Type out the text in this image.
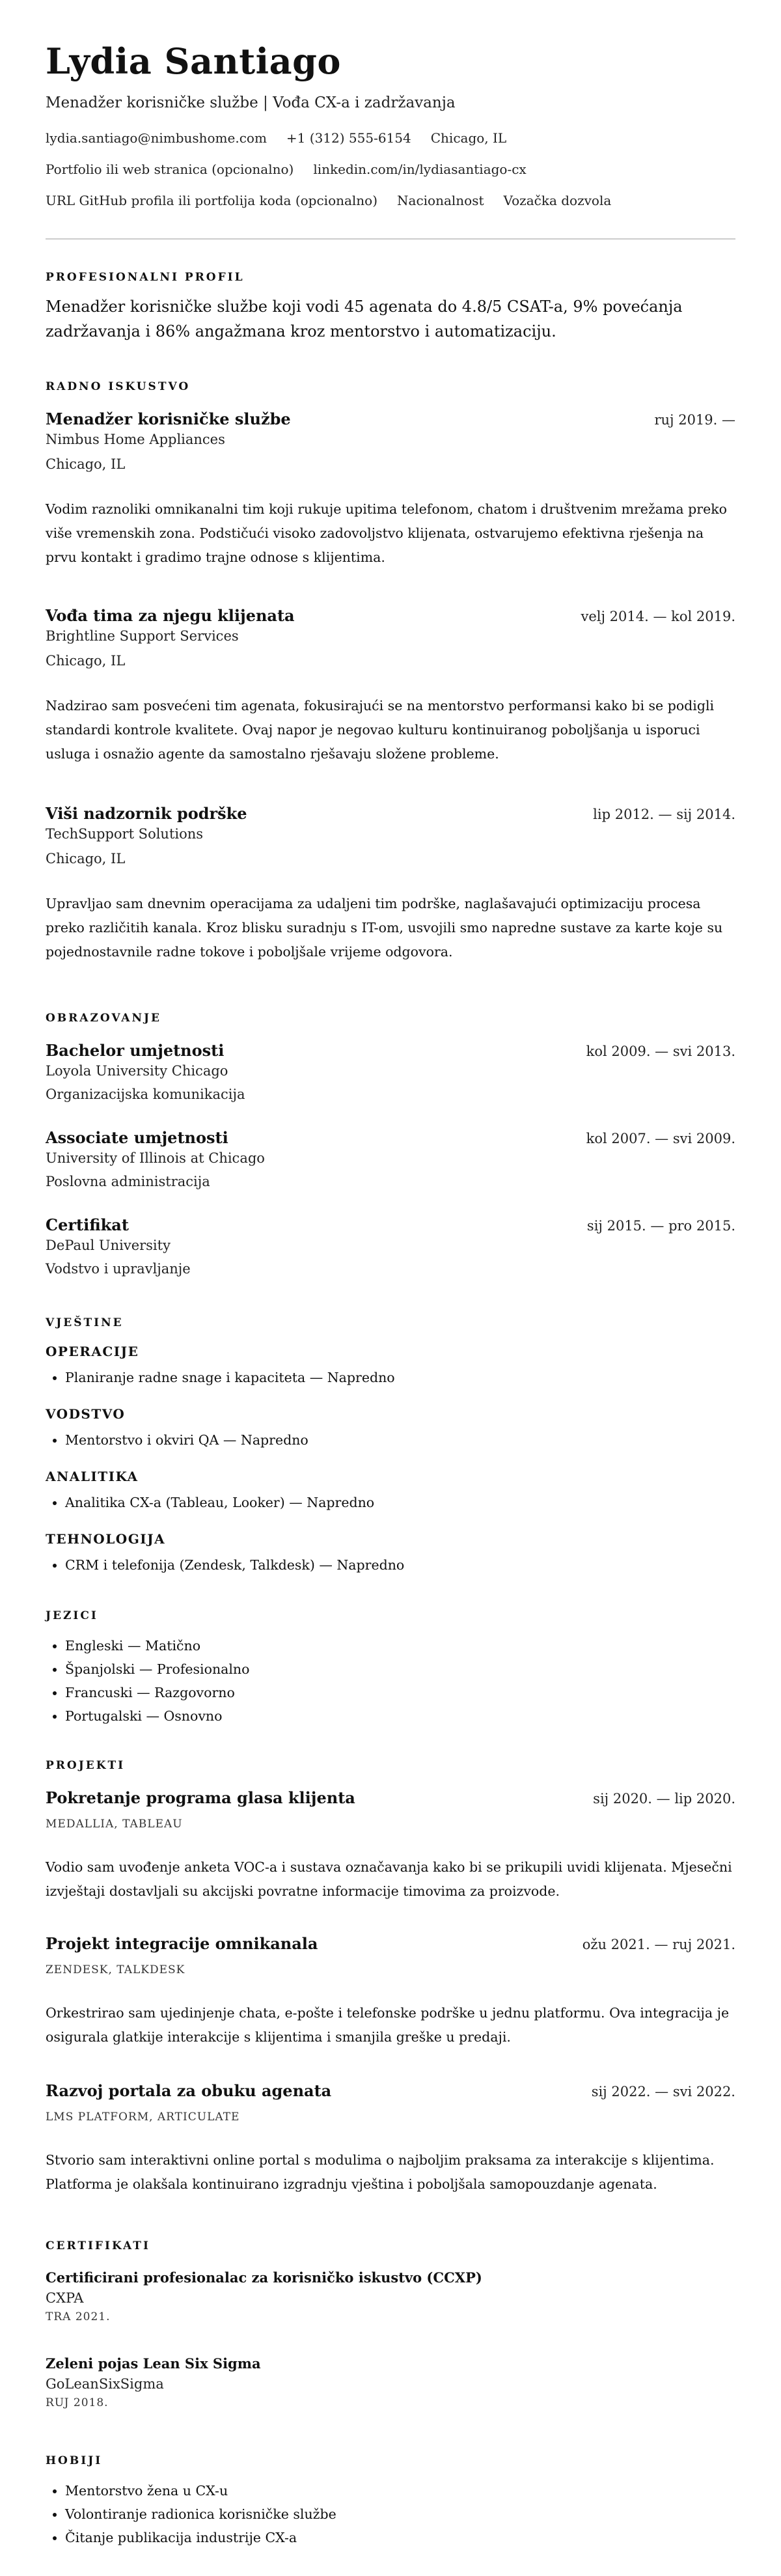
Lydia Santiago
Menadžer korisničke službe | Vođa CX-a i zadržavanja
lydia.santiago@nimbushome.com +1 (312) 555-6154 Chicago, IL
Portfolio ili web stranica (opcionalno) linkedin.com/in/lydiasantiago-cx
URL GitHub profila ili portfolija koda (opcionalno) Nacionalnost Vozačka dozvola
PROFESIONALNI PROFIL
Menadžer korisničke službe koji vodi 45 agenata do 4.8/5 CSAT-a, 9% povećanja zadržavanja i 86% angažmana kroz mentorstvo i automatizaciju.
RADNO ISKUSTVO
Menadžer korisničke službe	ruj 2019. —
Nimbus Home Appliances
Chicago, IL
Vodim raznoliki omnikanalni tim koji rukuje upitima telefonom, chatom i društvenim mrežama preko više vremenskih zona. Podstičući visoko zadovoljstvo klijenata, ostvarujemo efektivna rješenja na prvu kontakt i gradimo trajne odnose s klijentima.
Vođa tima za njegu klijenata	velj 2014. — kol 2019.
Brightline Support Services
Chicago, IL
Nadzirao sam posvećeni tim agenata, fokusirajući se na mentorstvo performansi kako bi se podigli standardi kontrole kvalitete. Ovaj napor je negovao kulturu kontinuiranog poboljšanja u isporuci usluga i osnažio agente da samostalno rješavaju složene probleme.
Viši nadzornik podrške	lip 2012. — sij 2014.
TechSupport Solutions
Chicago, IL
Upravljao sam dnevnim operacijama za udaljeni tim podrške, naglašavajući optimizaciju procesa preko različitih kanala. Kroz blisku suradnju s IT-om, usvojili smo napredne sustave za karte koje su pojednostavnile radne tokove i poboljšale vrijeme odgovora.
OBRAZOVANJE
Bachelor umjetnosti	kol 2009. — svi 2013.
Loyola University Chicago
Organizacijska komunikacija
Associate umjetnosti	kol 2007. — svi 2009.
University of Illinois at Chicago
Poslovna administracija
Certifikat	sij 2015. — pro 2015.
DePaul University
Vodstvo i upravljanje
VJEŠTINE
OPERACIJE
• Planiranje radne snage i kapaciteta — Napredno
VODSTVO
• Mentorstvo i okviri QA — Napredno
ANALITIKA
• Analitika CX-a (Tableau, Looker) — Napredno
TEHNOLOGIJA
• CRM i telefonija (Zendesk, Talkdesk) — Napredno
JEZICI
• Engleski — Matično
• Španjolski — Profesionalno
• Francuski — Razgovorno
• Portugalski — Osnovno
PROJEKTI
Pokretanje programa glasa klijenta	sij 2020. — lip 2020.
MEDALLIA, TABLEAU
Vodio sam uvođenje anketa VOC-a i sustava označavanja kako bi se prikupili uvidi klijenata. Mjesečni izvještaji dostavljali su akcijski povratne informacije timovima za proizvode.
Projekt integracije omnikanala	ožu 2021. — ruj 2021.
ZENDESK, TALKDESK
Orkestrirao sam ujedinjenje chata, e-pošte i telefonske podrške u jednu platformu. Ova integracija je osigurala glatkije interakcije s klijentima i smanjila greške u predaji.
Razvoj portala za obuku agenata	sij 2022. — svi 2022.
LMS PLATFORM, ARTICULATE
Stvorio sam interaktivni online portal s modulima o najboljim praksama za interakcije s klijentima. Platforma je olakšala kontinuirano izgradnju vještina i poboljšala samopouzdanje agenata.
CERTIFIKATI
Certificirani profesionalac za korisničko iskustvo (CCXP)
CXPA
TRA 2021.
Zeleni pojas Lean Six Sigma
GoLeanSixSigma
RUJ 2018.
HOBIJI
• Mentorstvo žena u CX-u
• Volontiranje radionica korisničke službe
• Čitanje publikacija industrije CX-a
